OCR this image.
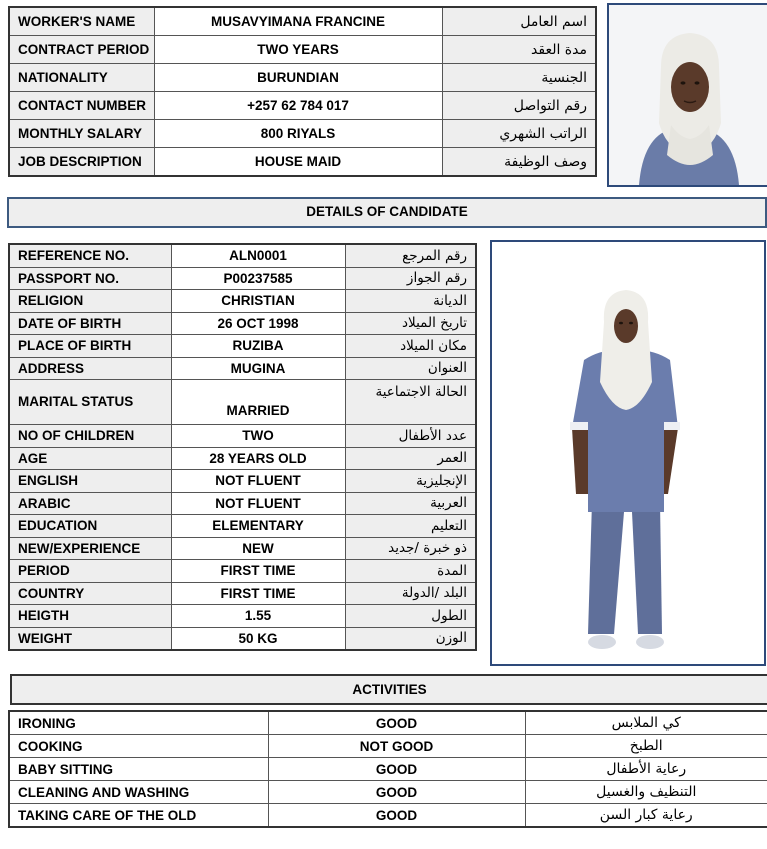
WORKER'S NAME	MUSAVYIMANA FRANCINE	اسم العامل
CONTRACT PERIOD	TWO YEARS	مدة العقد
NATIONALITY	BURUNDIAN	الجنسية
CONTACT NUMBER	+257 62 784 017	رقم التواصل
MONTHLY SALARY	800 RIYALS	الراتب الشهري
JOB DESCRIPTION	HOUSE MAID	وصف الوظيفة
DETAILS OF CANDIDATE
REFERENCE NO.	ALN0001	رقم المرجع
PASSPORT NO.	P00237585	رقم الجواز
RELIGION	CHRISTIAN	الديانة
DATE OF BIRTH	26 OCT 1998	تاريخ الميلاد
PLACE OF BIRTH	RUZIBA	مكان الميلاد
ADDRESS	MUGINA	العنوان
MARITAL STATUS	MARRIED	الحالة الاجتماعية
NO OF CHILDREN	TWO	عدد الأطفال
AGE	28 YEARS OLD	العمر
ENGLISH	NOT FLUENT	الإنجليزية
ARABIC	NOT FLUENT	العربية
EDUCATION	ELEMENTARY	التعليم
NEW/EXPERIENCE	NEW	ذو خبرة /جديد
PERIOD	FIRST TIME	المدة
COUNTRY	FIRST TIME	البلد /الدولة
HEIGTH	1.55	الطول
WEIGHT	50 KG	الوزن
ACTIVITIES
IRONING	GOOD	كي الملابس
COOKING	NOT GOOD	الطبخ
BABY SITTING	GOOD	رعاية الأطفال
CLEANING AND WASHING	GOOD	التنظيف والغسيل
TAKING CARE OF THE OLD	GOOD	رعاية كبار السن
